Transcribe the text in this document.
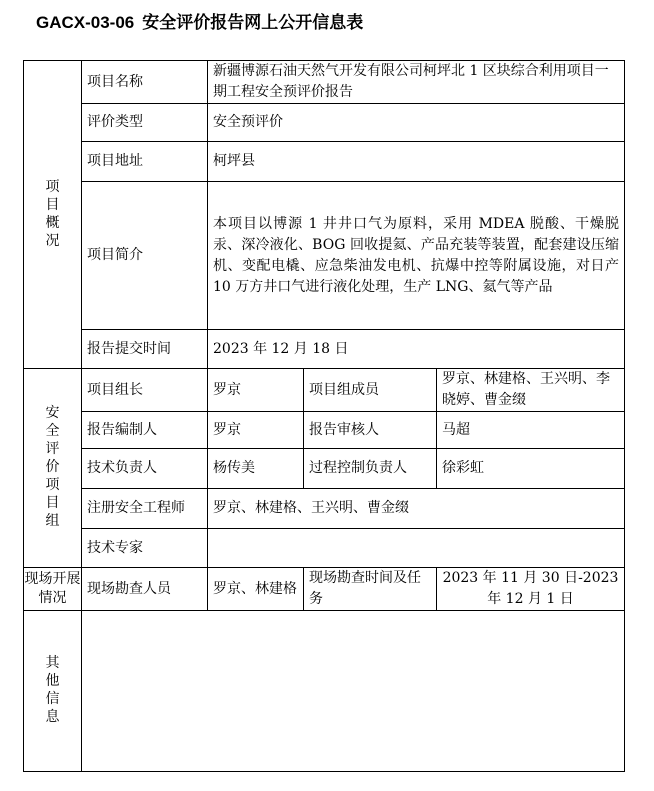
GACX-03-06 安全评价报告网上公开信息表
项目概况	项目名称	新疆博源石油天然气开发有限公司柯坪北 1 区块综合利用项目一期工程安全预评价报告		
	评价类型	安全预评价		
	项目地址	柯坪县		
	项目简介	本项目以博源 1 井井口气为原料，采用 MDEA 脱酸、干燥脱汞、深冷液化、BOG 回收提氦、产品充装等装置，配套建设压缩机、变配电橇、应急柴油发电机、抗爆中控等附属设施，对日产 10 万方井口气进行液化处理，生产 LNG、氦气等产品		
	报告提交时间	2023 年 12 月 18 日		
安全评价项目组	项目组长	罗京	项目组成员	罗京、林建格、王兴明、李晓婷、曹金缀
	报告编制人	罗京	报告审核人	马超
	技术负责人	杨传美	过程控制负责人	徐彩虹
	注册安全工程师	罗京、林建格、王兴明、曹金缀		
	技术专家			
现场开展情况	现场勘查人员	罗京、林建格	现场勘查时间及任务	2023 年 11 月 30 日-2023 年 12 月 1 日
其他信息				
